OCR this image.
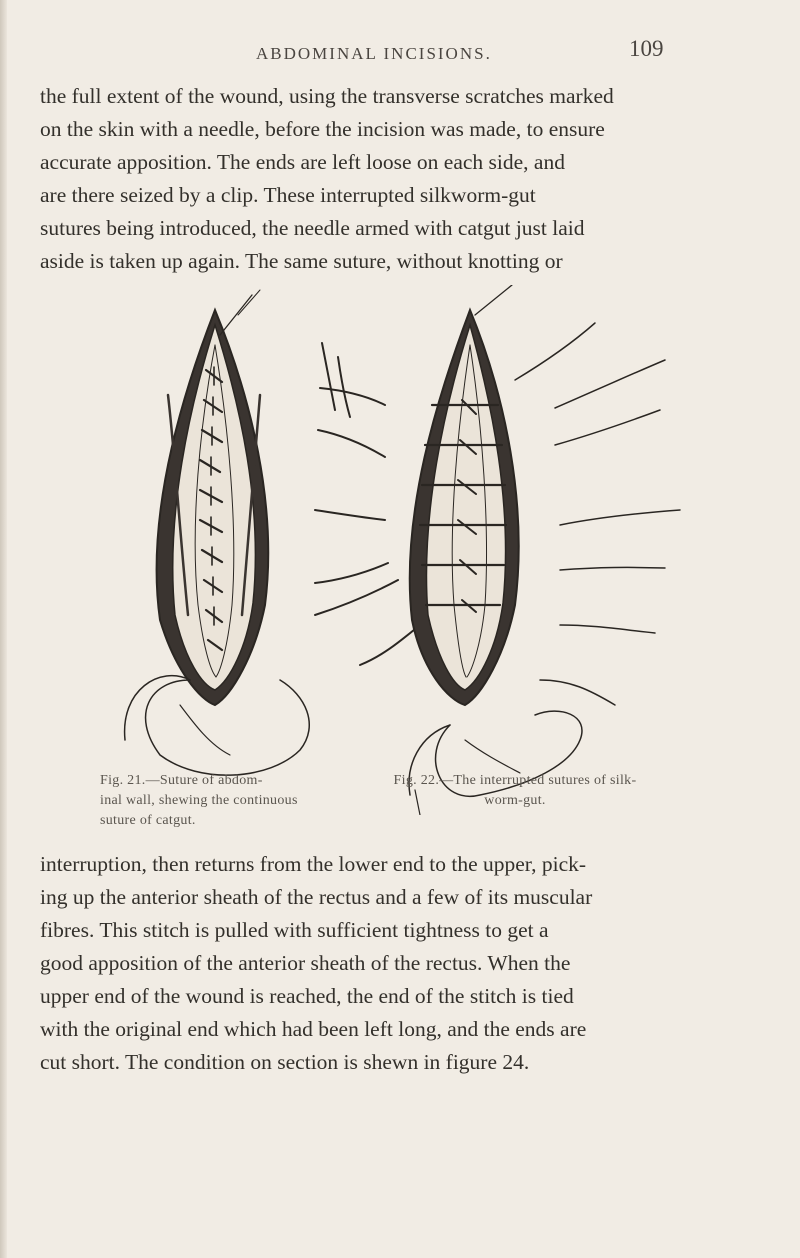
ABDOMINAL INCISIONS.	109
the full extent of the wound, using the transverse scratches marked
on the skin with a needle, before the incision was made, to ensure
accurate apposition. The ends are left loose on each side, and
are there seized by a clip. These interrupted silkworm-gut
sutures being introduced, the needle armed with catgut just laid
aside is taken up again. The same suture, without knotting or
Fig. 21.—Suture of abdom-
inal wall, shewing the continuous
suture of catgut.
Fig. 22.—The interrupted sutures of silk-
worm-gut.
interruption, then returns from the lower end to the upper, pick-
ing up the anterior sheath of the rectus and a few of its muscular
fibres. This stitch is pulled with sufficient tightness to get a
good apposition of the anterior sheath of the rectus. When the
upper end of the wound is reached, the end of the stitch is tied
with the original end which had been left long, and the ends are
cut short. The condition on section is shewn in figure 24.
